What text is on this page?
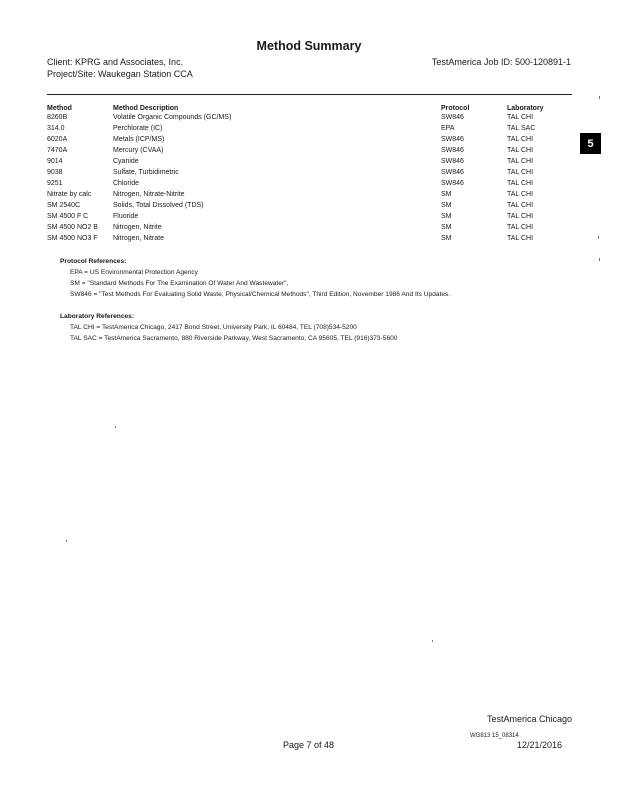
Method Summary
Client: KPRG and Associates, Inc.
Project/Site: Waukegan Station CCA
TestAmerica Job ID: 500-120891-1
Method	Method Description	Protocol	Laboratory
8260B	Volatile Organic Compounds (GC/MS)	SW846	TAL CHI
314.0	Perchlorate (IC)	EPA	TAL SAC
6020A	Metals (ICP/MS)	SW846	TAL CHI
7470A	Mercury (CVAA)	SW846	TAL CHI
9014	Cyanide	SW846	TAL CHI
9038	Sulfate, Turbidimetric	SW846	TAL CHI
9251	Chloride	SW846	TAL CHI
Nitrate by calc	Nitrogen, Nitrate-Nitrite	SM	TAL CHI
SM 2540C	Solids, Total Dissolved (TDS)	SM	TAL CHI
SM 4500 F C	Fluoride	SM	TAL CHI
SM 4500 NO2 B	Nitrogen, Nitrite	SM	TAL CHI
SM 4500 NO3 F	Nitrogen, Nitrate	SM	TAL CHI
Protocol References:
EPA = US Environmental Protection Agency
SM = "Standard Methods For The Examination Of Water And Wastewater",
SW846 = "Test Methods For Evaluating Solid Waste, Physical/Chemical Methods", Third Edition, November 1986 And Its Updates.
Laboratory References:
TAL CHI = TestAmerica Chicago, 2417 Bond Street, University Park, IL 60484, TEL (708)534-5200
TAL SAC = TestAmerica Sacramento, 880 Riverside Parkway, West Sacramento, CA 95605, TEL (916)373-5600
5
TestAmerica Chicago
Page 7 of 48
WG813 15_08314
12/21/2016
